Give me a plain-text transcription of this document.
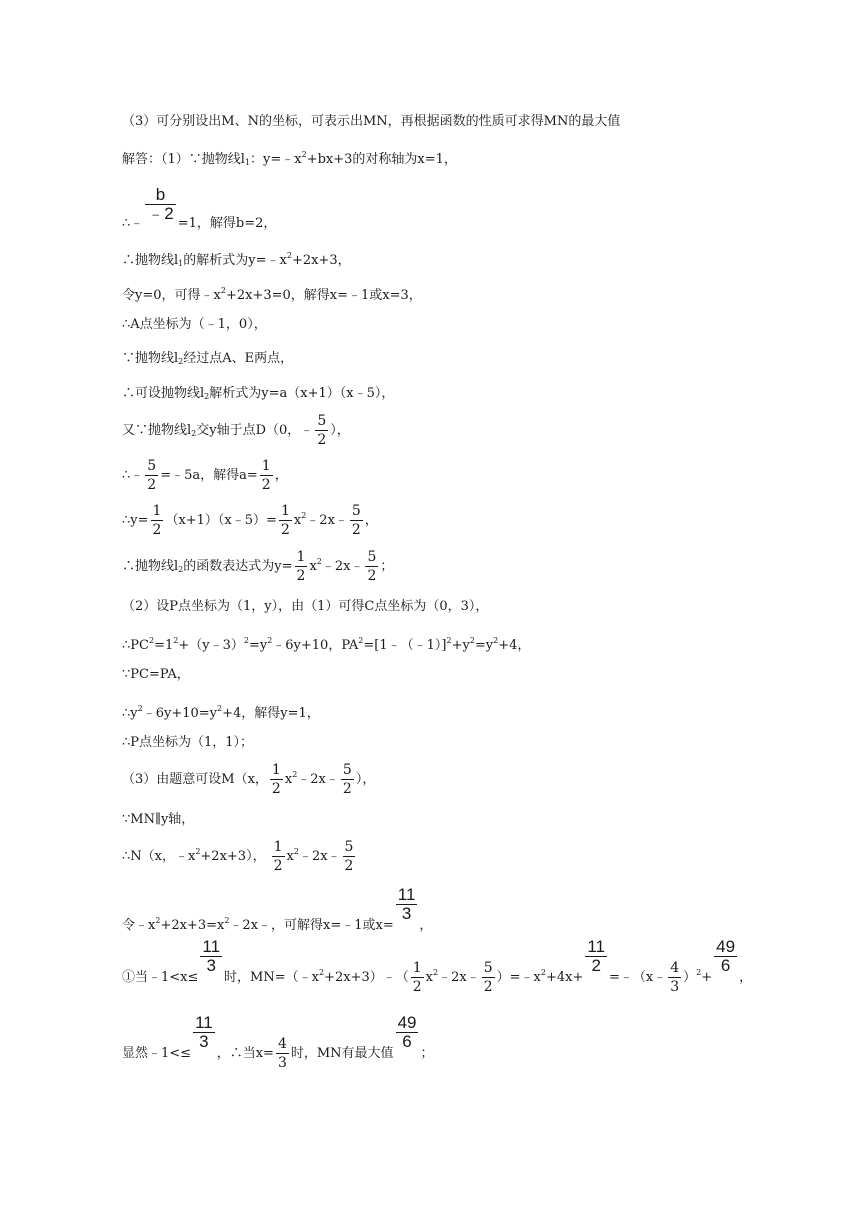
（3）可分别设出M、N的坐标，可表示出MN，再根据函数的性质可求得MN的最大值
解答：（1）∵抛物线$l_1$：$y=﹣x^2+bx+3$的对称轴为x=1，
∴﹣
$\frac{b}{﹣2}$
=1，解得b=2，
∴抛物线$l_1$的解析式为$y=﹣x^2+2x+3$，
令y=0，可得$﹣x^2+2x+3=0$，解得x=﹣1或x=3，
∴A点坐标为（﹣1，0），
∵抛物线$l_2$经过点A、E两点，
∴可设抛物线$l_2$解析式为y=a（x+1）（x﹣5），
又∵抛物线$l_2$交y轴于点D（0，﹣ $\frac{5}{2}$ ），
∴﹣ $\frac{5}{2}$ =﹣5a，解得$a= \frac{1}{2}$ ，
∴y= $\frac{1}{2}$ （x+1）（x﹣5）= $\frac{1}{2}$ $x^2﹣2x﹣ \frac{5}{2}$ ，
∴抛物线$l_2$的函数表达式为$y= \frac{1}{2}$ $x^2﹣2x﹣ \frac{5}{2}$ ；
（2）设P点坐标为（1，y），由（1）可得C点坐标为（0，3），
$\therefore PC^2=1^2+(y﹣3)^2=y^2﹣6y+10$，$PA^2=[1﹣(﹣1)]^2+y^2=y^2+4$，
∵PC=PA，
$\therefore y^2﹣6y+10=y^2+4$，解得y=1，
∴P点坐标为（1，1）；
（3）由题意可设M（x， $\frac{1}{2}$ $x^2﹣2x﹣ \frac{5}{2}$ ），
∵MN∥y轴，
∴N（x，$﹣x^2+2x+3$）， $\frac{1}{2}$ $x^2﹣2x﹣ \frac{5}{2}$
令$﹣x^2+2x+3=x^2﹣2x﹣$，可解得x=﹣1或x=
$\frac{11}{3}$
，
①当﹣1<x≤
$\frac{11}{3}$
时，$MN=(﹣x^2+2x+3)﹣( \frac{1}{2}$ $x^2﹣2x﹣ \frac{5}{2}$ ）$=﹣x^2+4x+$
$\frac{11}{2}$
=﹣（x﹣ $\frac{4}{3} )^2+$
$\frac{49}{6}$
，
显然﹣1<≤
$\frac{11}{3}$
，∴当$x= \frac{4}{3}$ 时，MN有最大值
$\frac{49}{6}$
；
